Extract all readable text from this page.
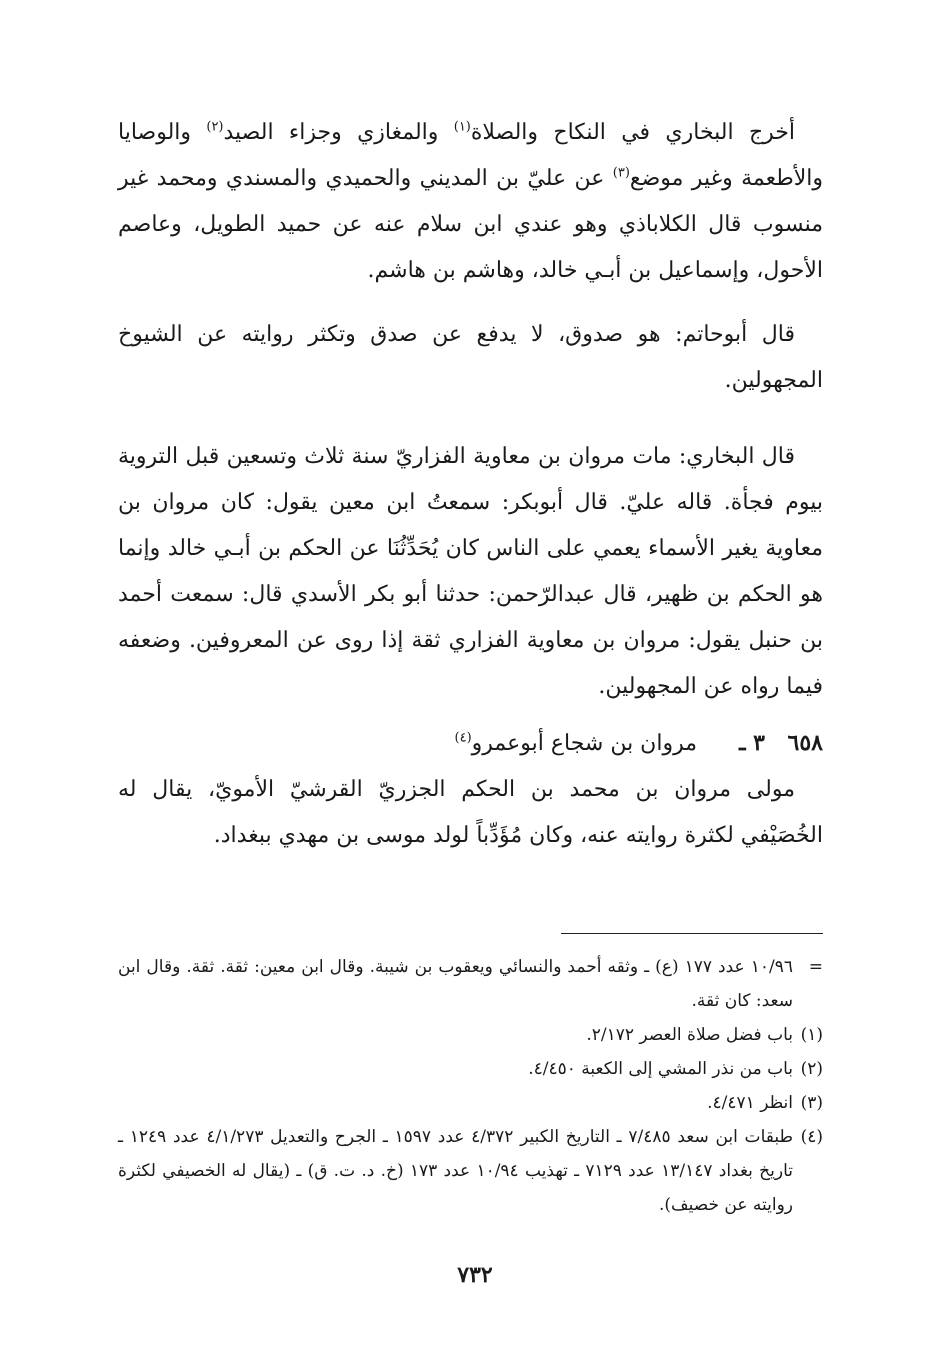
أخرج البخاري في النكاح والصلاة$^{(١)}$ والمغازي وجزاء الصيد$^{(٢)}$ والوصايا والأطعمة وغير موضع$^{(٣)}$ عن عليّ بن المديني والحميدي والمسندي ومحمد غير منسوب قال الكلاباذي وهو عندي ابن سلام عنه عن حميد الطويل، وعاصم الأحول، وإسماعيل بن أبـي خالد، وهاشم بن هاشم.

قال أبوحاتم: هو صدوق، لا يدفع عن صدق وتكثر روايته عن الشيوخ المجهولين.

قال البخاري: مات مروان بن معاوية الفزاريّ سنة ثلاث وتسعين قبل التروية بيوم فجأة. قاله عليّ. قال أبوبكر: سمعتُ ابن معين يقول: كان مروان بن معاوية يغير الأسماء يعمي على الناس كان يُحَدِّثُنَا عن الحكم بن أبـي خالد وإنما هو الحكم بن ظهير، قال عبدالرّحمن: حدثنا أبو بكر الأسدي قال: سمعت أحمد بن حنبل يقول: مروان بن معاوية الفزاري ثقة إذا روى عن المعروفين. وضعفه فيما رواه عن المجهولين.

٦٥٨
٣ ـ
مروان بن شجاع أبوعمرو$^{(٤)}$

مولى مروان بن محمد بن الحكم الجزريّ القرشيّ الأمويّ، يقال له الخُصَيْفي لكثرة روايته عنه، وكان مُؤَدِّباً لولد موسى بن مهدي ببغداد.

=
١٠/٩٦ عدد ١٧٧ (ع) ـ وثقه أحمد والنسائي ويعقوب بن شيبة. وقال ابن معين: ثقة. ثقة. وقال ابن سعد: كان ثقة.
(١)
باب فضل صلاة العصر ٢/١٧٢.
(٢)
باب من نذر المشي إلى الكعبة ٤/٤٥٠.
(٣)
انظر ٤/٤٧١.
(٤)
طبقات ابن سعد ٧/٤٨٥ ـ التاريخ الكبير ٤/٣٧٢ عدد ١٥٩٧ ـ الجرح والتعديل ٤/١/٢٧٣ عدد ١٢٤٩ ـ تاريخ بغداد ١٣/١٤٧ عدد ٧١٢٩ ـ تهذيب ١٠/٩٤ عدد ١٧٣ (خ. د. ت. ق) ـ (يقال له الخصيفي لكثرة روايته عن خصيف).
٧٣٢
